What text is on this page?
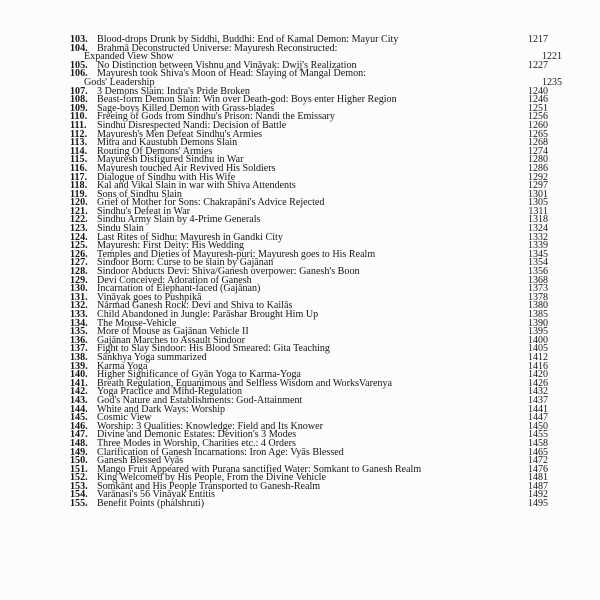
103. Blood-drops Drunk by Siddhi, Buddhi: End of Kamal Demon: Mayur City	1217
104. Brahmā Deconstructed Universe: Mayuresh Reconstructed:
Expanded View Show	1221
105. No Distinction between Vishnu and Vināyak: Dwij's Realization	1227
106. Mayuresh took Shiva's Moon of Head: Slaying of Mangal Demon:
Gods' Leadership	1235
107. 3 Demons Slain: Indra's Pride Broken	1240
108. Beast-form Demon Slain: Win over Death-god: Boys enter Higher Region	1246
109. Sage-boys Killed Demon with Grass-blades	1251
110. Freeing of Gods from Sindhu's Prison: Nandi the Emissary	1256
111. Sindhu Disrespected Nandi: Decision of Battle	1260
112. Mayuresh's Men Defeat Sindhu's Armies	1265
113. Mitra and Kaustubh Demons Slain	1268
114. Routing Of Demons' Armies	1274
115. Mayuresh Disfigured Sindhu in War	1280
116. Mayuresh touched Air Revived His Soldiers	1286
117. Dialogue of Sindhu with His Wife	1292
118. Kal and Vikal Slain in war with Shiva Attendents	1297
119. Sons of Sindhu Slain	1301
120. Grief of Mother for Sons: Chakrapāni's Advice Rejected	1305
121. Sindhu's Defeat in War	1311
122. Sindhu Army Slain by 4-Prime Generals	1318
123. Sindu Slain	1324
124. Last Rites of Sidhu: Mayuresh in Gandki City	1332
125. Mayuresh: First Deity: His Wedding	1339
126. Temples and Dieties of Mayuresh-puri: Mayuresh goes to His Realm	1345
127. Sindoor Born: Curse to be slain by Gajānan	1354
128. Sindoor Abducts Devi: Shiva/Ganesh overpower: Ganesh's Boon	1356
129. Devi Conceived: Adoration of Ganesh	1368
130. Incarnation of Elephant-faced (Gajānan)	1373
131. Vināyak goes to Pushpikā	1378
132. Nārmad Ganesh Rock: Devi and Shiva to Kailās	1380
133. Child Abandoned in Jungle: Parāshar Brought Him Up	1385
134. The Mouse-Vehicle	1390
135. More of Mouse as Gajānan Vehicle II	1395
136. Gajānan Marches to Assault Sindoor	1400
137. Fight to Slay Sindoor: His Blood Smeared: Gita Teaching	1405
138. Sānkhya Yoga summarized	1412
139. Karma Yoga	1416
140. Higher Significance of Gyān Yoga to Karma-Yoga	1420
141. Breath Regulation, Equanimous and Selfless Wisdom and WorksVarenya	1426
142. Yoga Practice and Mind-Regulation	1432
143. God's Nature and Establishments: God-Attainment	1437
144. White and Dark Ways: Worship	1441
145. Cosmic View	1447
146. Worship: 3 Qualities: Knowledge: Field and Its Knower	1450
147. Divine and Demonic Estates: Devition's 3 Modes	1455
148. Three Modes in Worship, Charities etc.: 4 Orders	1458
149. Clarification of Ganesh Incarnations: Iron Age: Vyās Blessed	1465
150. Ganesh Blessed Vyās	1472
151. Mango Fruit Appeared with Purana sanctified Water: Somkant to Ganesh Realm	1476
152. King Welcomed by His People, From the Divine Vehicle	1481
153. Somkānt and His People Transported to Ganesh-Realm	1487
154. Varānasi's 56 Vināyak Entitis	1492
155. Benefit Points (phalshruti)	1495
